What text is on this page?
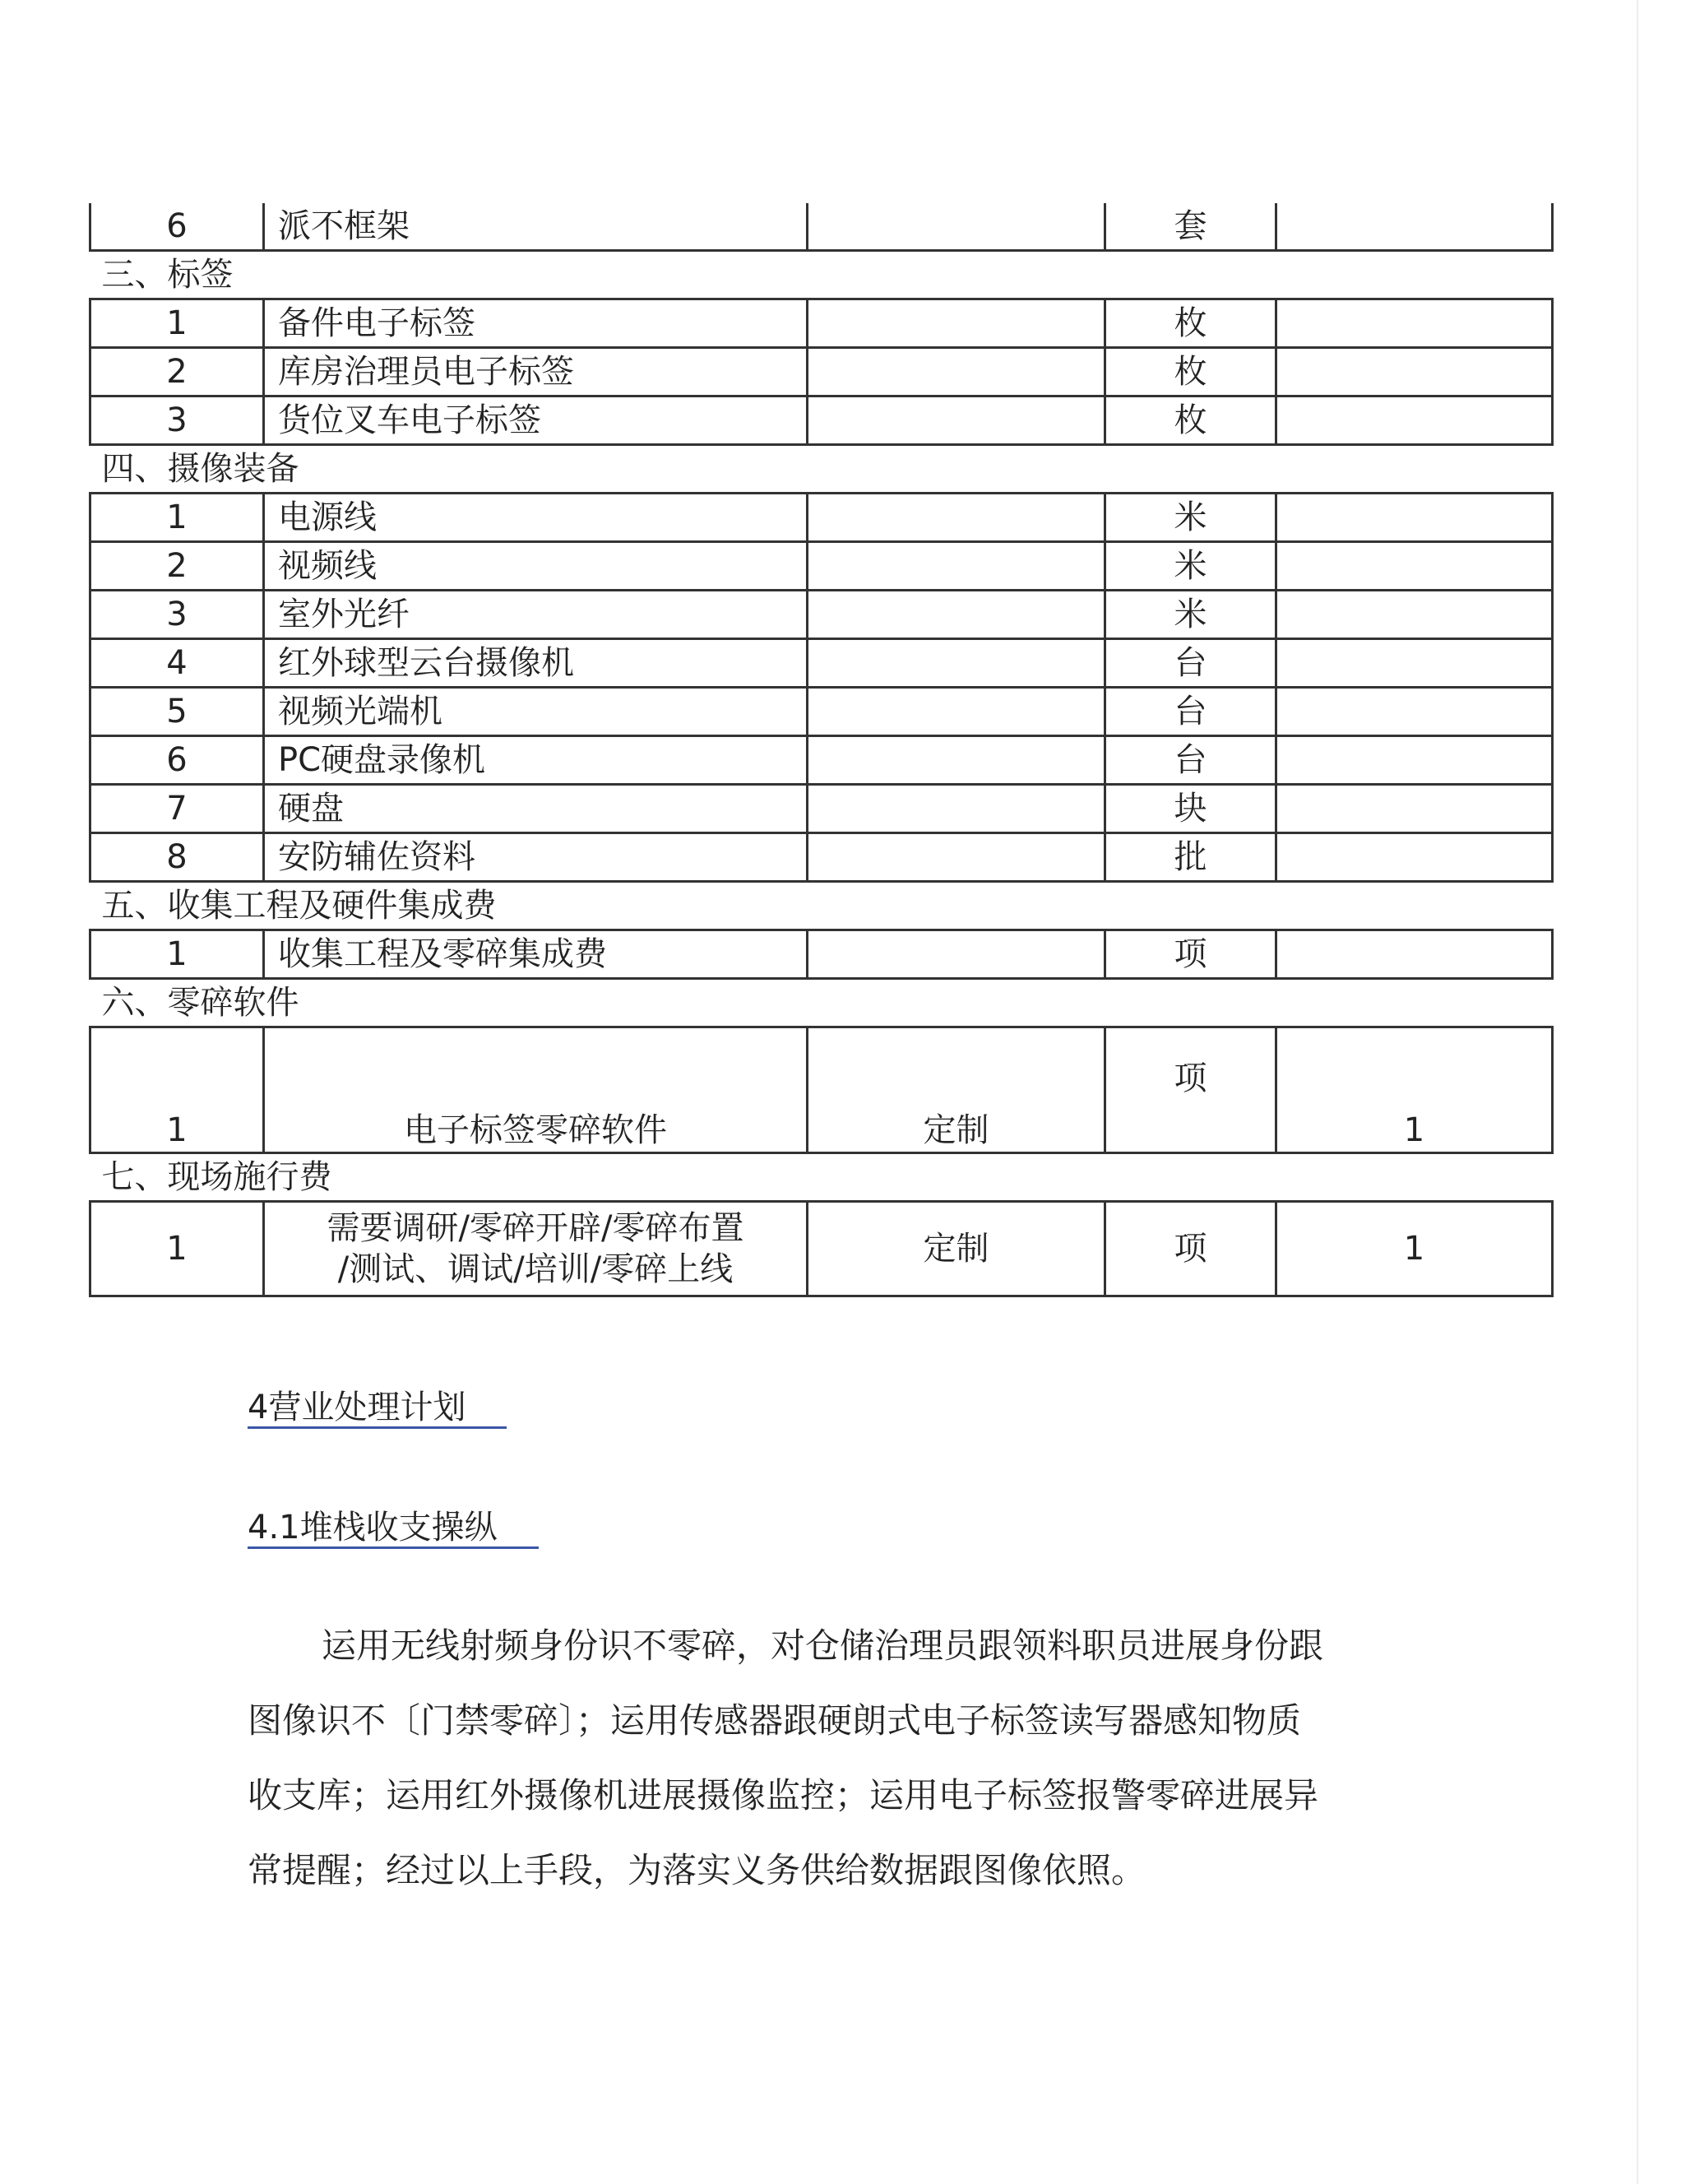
6	派不框架		套	
三、标签				
1	备件电子标签		枚	
2	库房治理员电子标签		枚	
3	货位叉车电子标签		枚	
四、摄像装备				
1	电源线		米	
2	视频线		米	
3	室外光纤		米	
4	红外球型云台摄像机		台	
5	视频光端机		台	
6	PC硬盘录像机		台	
7	硬盘		块	
8	安防辅佐资料		批	
五、收集工程及硬件集成费				
1	收集工程及零碎集成费		项	
六、零碎软件				
1	电子标签零碎软件	定制	项	1
七、现场施行费				
1	需要调研/零碎开辟/零碎布置
/测试、调试/培训/零碎上线	定制	项	1
4营业处理计划
4.1堆栈收支操纵

运用无线射频身份识不零碎，对仓储治理员跟领料职员进展身份跟

图像识不〔门禁零碎〕；运用传感器跟硬朗式电子标签读写器感知物质

收支库；运用红外摄像机进展摄像监控；运用电子标签报警零碎进展异

常提醒；经过以上手段，为落实义务供给数据跟图像依照。
